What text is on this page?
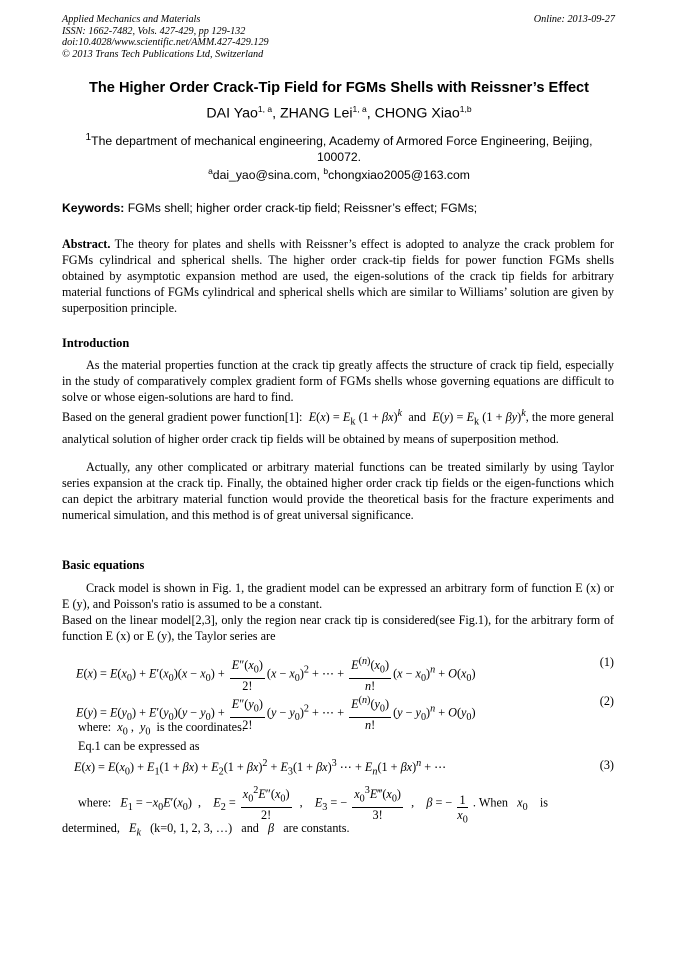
Applied Mechanics and Materials
ISSN: 1662-7482, Vols. 427-429, pp 129-132
doi:10.4028/www.scientific.net/AMM.427-429.129
© 2013 Trans Tech Publications Ltd, Switzerland
Online: 2013-09-27
The Higher Order Crack-Tip Field for FGMs Shells with Reissner’s Effect
DAI Yao$^{1, a}$, ZHANG Lei$^{1, a}$, CHONG Xiao$^{1,b}$
$^1$The department of mechanical engineering, Academy of Armored Force Engineering, Beijing, 100072.
$^a$dai_yao@sina.com, $^b$chongxiao2005@163.com
Keywords: FGMs shell; higher order crack-tip field; Reissner’s effect; FGMs;
Abstract. The theory for plates and shells with Reissner’s effect is adopted to analyze the crack problem for FGMs cylindrical and spherical shells. The higher order crack-tip fields for power function FGMs shells obtained by asymptotic expansion method are used, the eigen-solutions of the crack tip fields for arbitrary material functions of FGMs cylindrical and spherical shells which are similar to Williams’ solution are given by superposition principle.
Introduction
As the material properties function at the crack tip greatly affects the structure of crack tip field, especially in the study of comparatively complex gradient form of FGMs shells whose governing equations are difficult to solve or whose eigen-solutions are hard to find.
Based on the general gradient power function[1]: $E(x) = E_k$ $(1 + \beta x)^k$ and $E(y) = E_k$ $(1 + \beta y)^k$, the more general analytical solution of higher order crack tip fields will be obtained by means of superposition method.
Actually, any other complicated or arbitrary material functions can be treated similarly by using Taylor series expansion at the crack tip. Finally, the obtained higher order crack tip fields or the eigen-functions which can depict the arbitrary material function would provide the theoretical basis for the fracture experiments and numerical simulation, and this method is of great universal significance.
Basic equations
Crack model is shown in Fig. 1, the gradient model can be expressed an arbitrary form of function E (x) or E (y), and Poisson's ratio is assumed to be a constant.
Based on the linear model[2,3], only the region near crack tip is considered(see Fig.1), for the arbitrary form of function E (x) or E (y), the Taylor series are
$E(x) = E(x_0) + E'(x_0)(x - x_0) + \frac{E''(x_0)}{2!} (x - x_0)^2$ + ⋯ + $\frac{E^{(n)}(x_0)}{n!} (x - x_0)^n + O(x_0)$
(1)
$E(y) = E(y_0) + E'(y_0)(y - y_0) + \frac{E''(y_0)}{2!} (y - y_0)^2$ + ⋯ + $\frac{E^{(n)}(y_0)}{n!} (y - y_0)^n + O(y_0)$
(2)
where: $x_0$ ,  $y_0$ is the coordinates.
Eq.1 can be expressed as
$E(x) = E(x_0) + E_1(1 + \beta x) + E_2(1 + \beta x)^2 + E_3(1 + \beta x)^3$ ⋯ + $E_n(1 + \beta x)^n$ + ⋯	(3)
where: $E_1 = -x_0E'(x_0)$  ,    $E_2 = \frac{x_0^2E''(x_0)}{2!}$ ,    $E_3$ = − $\frac{x_0^3E‴(x_0)}{3!}$ ,    β = − $\frac{1}{x_0}$ . When $x_0$ is
determined, $E_k$ (k=0, 1, 2, 3, …) and β are constants.
